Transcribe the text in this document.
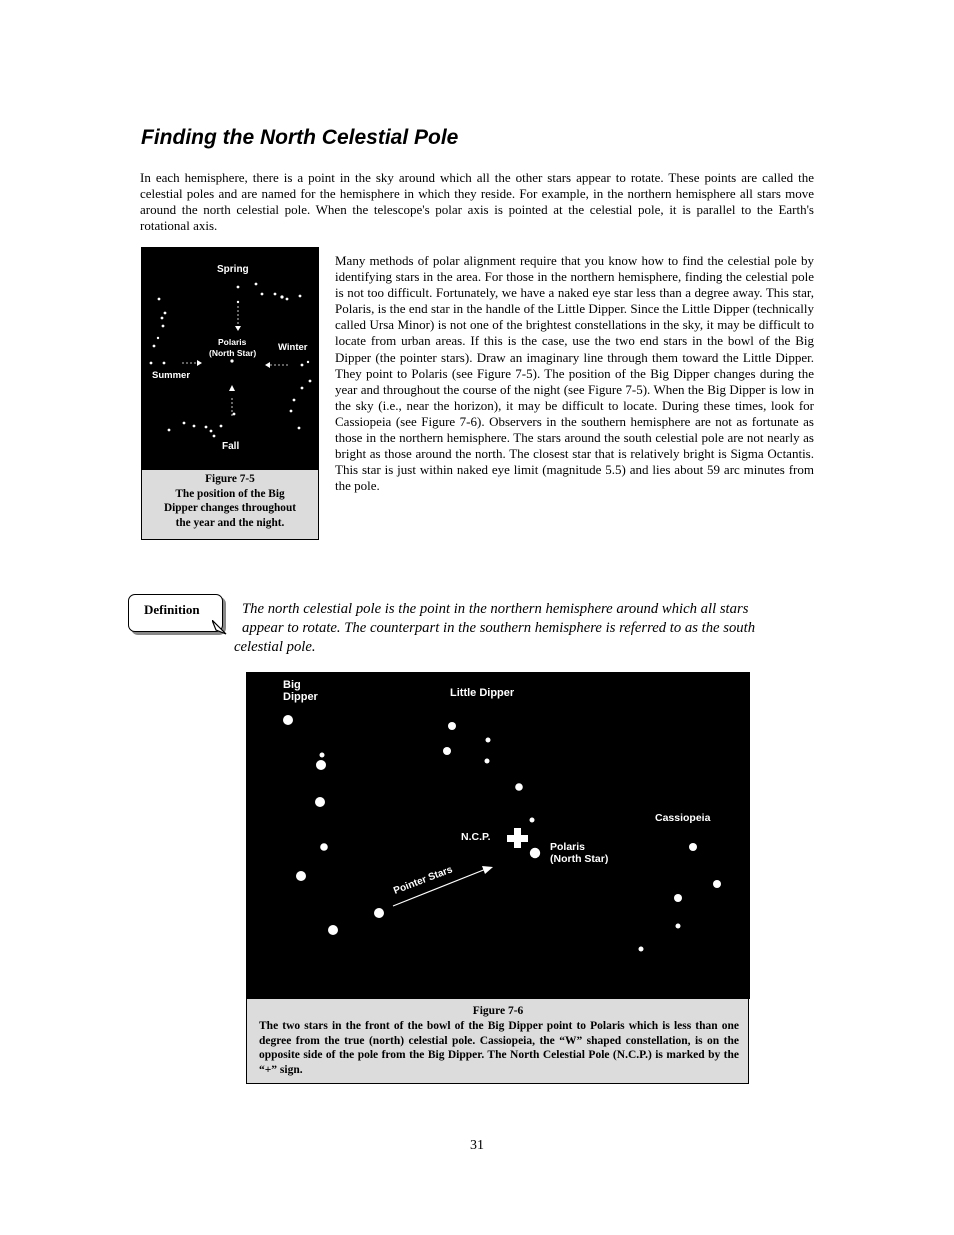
Finding the North Celestial Pole

In each hemisphere, there is a point in the sky around which all the other stars appear to rotate. These points are called the celestial poles and are named for the hemisphere in which they reside. For example, in the northern hemisphere all stars move around the north celestial pole. When the telescope's polar axis is pointed at the celestial pole, it is parallel to the Earth's rotational axis.

Spring
Polaris
(North Star) Winter
Summer
Fall
Figure 7-5
The position of the Big
Dipper changes throughout
the year and the night.

Many methods of polar alignment require that you know how to find the celestial pole by identifying stars in the area. For those in the northern hemisphere, finding the celestial pole is not too difficult. Fortunately, we have a naked eye star less than a degree away. This star, Polaris, is the end star in the handle of the Little Dipper. Since the Little Dipper (technically called Ursa Minor) is not one of the brightest constellations in the sky, it may be difficult to locate from urban areas. If this is the case, use the two end stars in the bowl of the Big Dipper (the pointer stars). Draw an imaginary line through them toward the Little Dipper. They point to Polaris (see Figure 7-5). The position of the Big Dipper changes during the year and throughout the course of the night (see Figure 7-5). When the Big Dipper is low in the sky (i.e., near the horizon), it may be difficult to locate. During these times, look for Cassiopeia (see Figure 7-6). Observers in the southern hemisphere are not as fortunate as those in the northern hemisphere. The stars around the south celestial pole are not nearly as bright as those around the north. The closest star that is relatively bright is Sigma Octantis. This star is just within naked eye limit (magnitude 5.5) and lies about 59 arc minutes from the pole.

Definition	The north celestial pole is the point in the northern hemisphere around which all stars
appear to rotate. The counterpart in the southern hemisphere is referred to as the south
celestial pole.
Big
Dipper	Little Dipper
Cassiopeia
N.C.P.
Polaris
(North Star)
Pointer Stars
Figure 7-6
The two stars in the front of the bowl of the Big Dipper point to Polaris which is less than one degree from the true (north) celestial pole. Cassiopeia, the “W” shaped constellation, is on the opposite side of the pole from the Big Dipper. The North Celestial Pole (N.C.P.) is marked by the “+” sign.
31
